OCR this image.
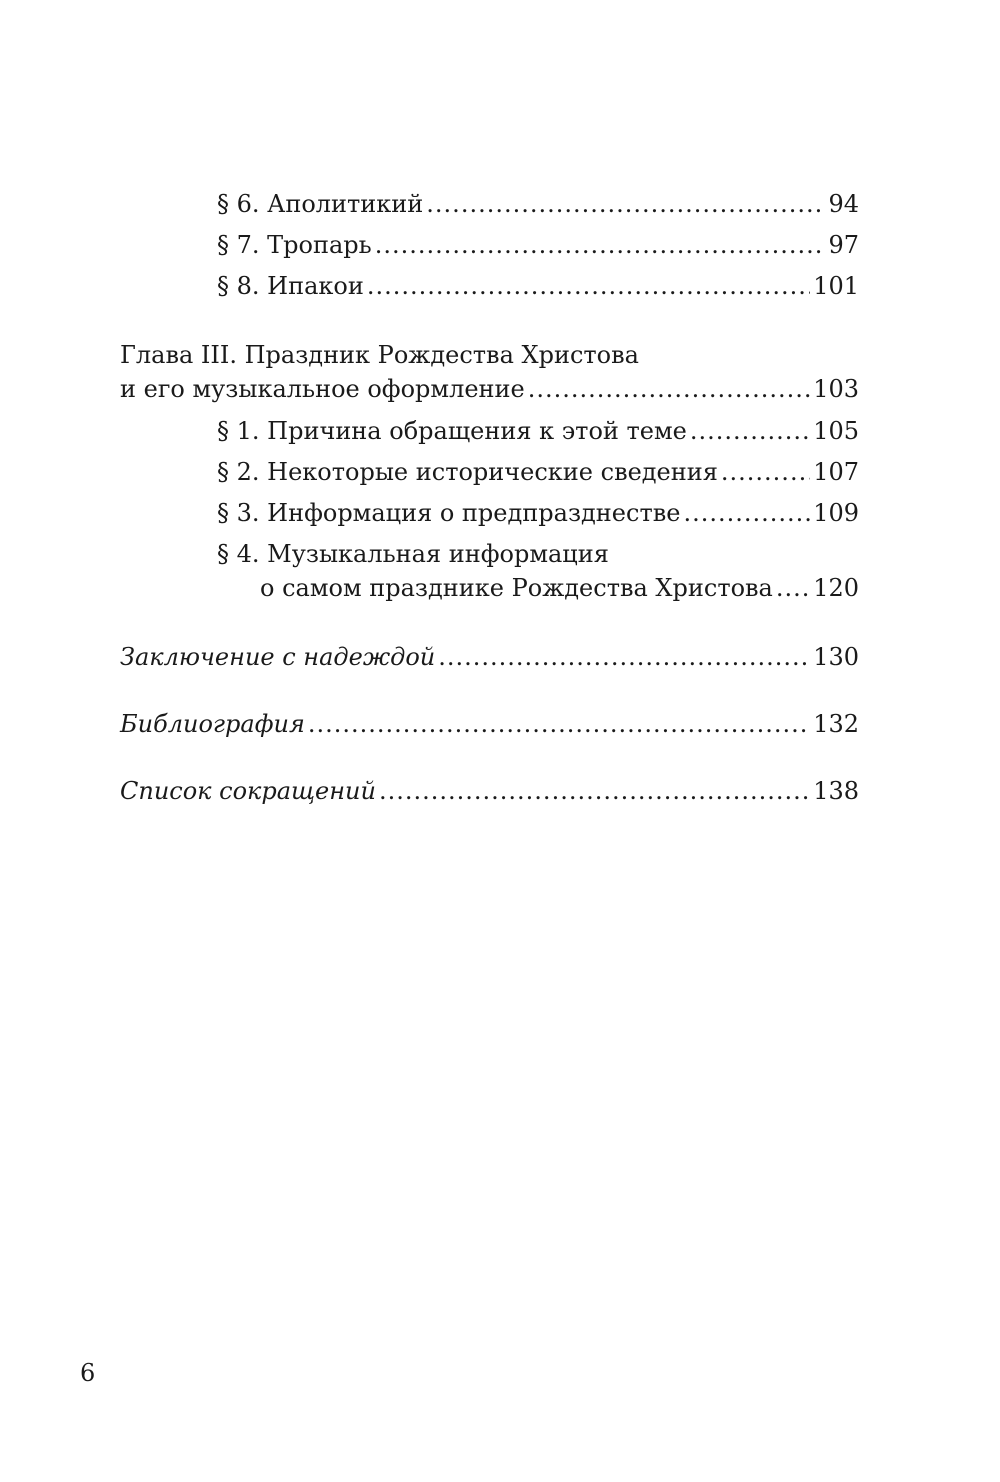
§ 6. Аполитикий .....	94
§ 7. Тропарь .....	97
§ 8. Ипакои .....	101
Глава III. Праздник Рождества Христова
и его музыкальное оформление .....	103
§ 1. Причина обращения к этой теме .....	105
§ 2. Некоторые исторические сведения .....	107
§ 3. Информация о предпразднестве .....	109
§ 4. Музыкальная информация
о самом празднике Рождества Христова ..... 120
Заключение с надеждой .....	130
Библиография .....	132
Список сокращений .....	138
6
